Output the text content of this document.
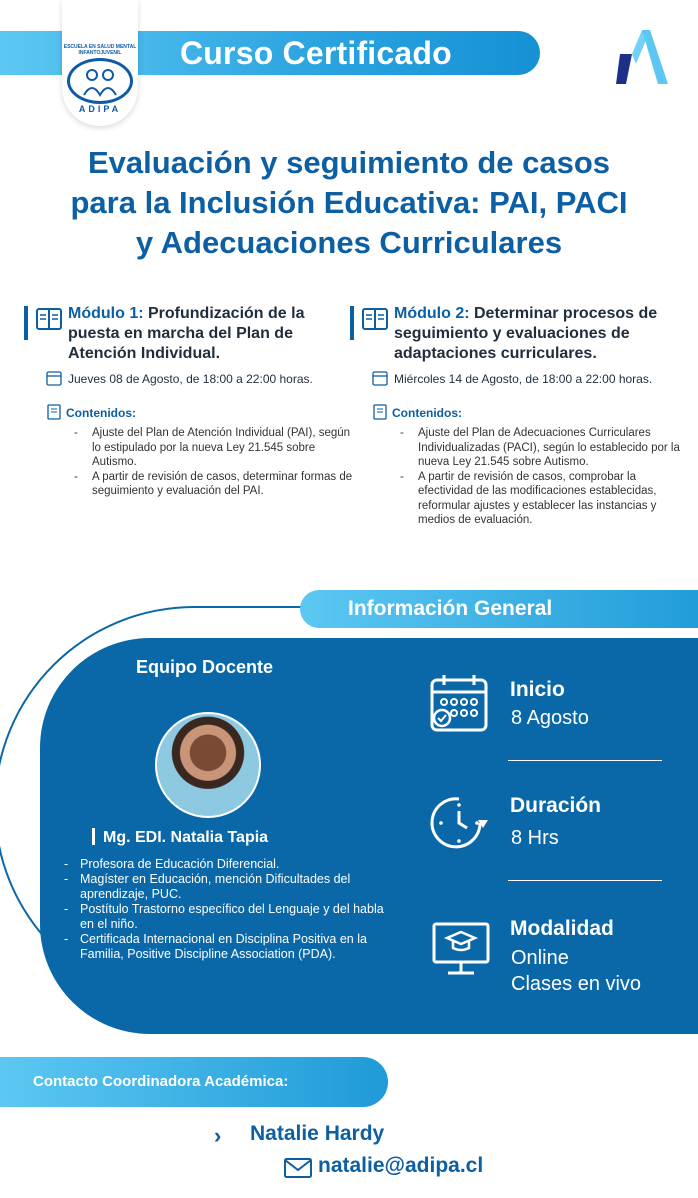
Curso Certificado
ESCUELA EN SALUD MENTAL INFANTOJUVENIL
ADIPA
Evaluación y seguimiento de casos
para la Inclusión Educativa: PAI, PACI
y Adecuaciones Curriculares
Módulo 1: Profundización de la puesta en marcha del Plan de Atención Individual.
Jueves 08 de Agosto, de 18:00 a 22:00 horas.
Contenidos:
- Ajuste del Plan de Atención Individual (PAI), según lo estipulado por la nueva Ley 21.545 sobre Autismo.
- A partir de revisión de casos, determinar formas de seguimiento y evaluación del PAI.
Módulo 2: Determinar procesos de seguimiento y evaluaciones de adaptaciones curriculares.
Miércoles 14 de Agosto, de 18:00 a 22:00 horas.
Contenidos:
- Ajuste del Plan de Adecuaciones Curriculares Individualizadas (PACI), según lo establecido por la nueva Ley 21.545 sobre Autismo.
- A partir de revisión de casos, comprobar la efectividad de las modificaciones establecidas, reformular ajustes y establecer las instancias y medios de evaluación.
Información General
Equipo Docente
Mg. EDI. Natalia Tapia
- Profesora de Educación Diferencial.
- Magíster en Educación, mención Dificultades del aprendizaje, PUC.
- Postítulo Trastorno específico del Lenguaje y del habla en el niño.
- Certificada Internacional en Disciplina Positiva en la Familia, Positive Discipline Association (PDA).
Inicio
8 Agosto
Duración
8 Hrs
Modalidad
Online
Clases en vivo
Contacto Coordinadora Académica:
› Natalie Hardy
natalie@adipa.cl
